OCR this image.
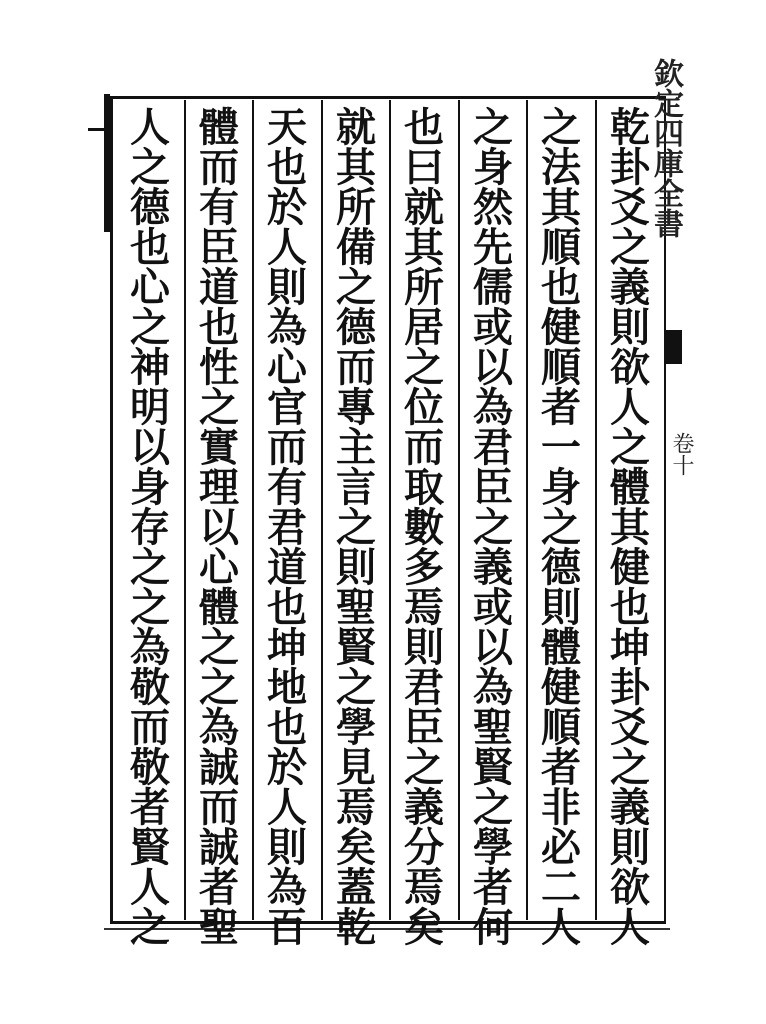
欽定四庫全書
卷十
乾
卦
爻
之
義
則
欲
人
之
體
其
健
也
坤
卦
爻
之
義
則
欲
人
之
法
其
順
也
健
順
者
一
身
之
德
則
體
健
順
者
非
必
二
人
之
身
然
先
儒
或
以
為
君
臣
之
義
或
以
為
聖
賢
之
學
者
何
也
曰
就
其
所
居
之
位
而
取
數
多
焉
則
君
臣
之
義
分
焉
矣
就
其
所
備
之
德
而
專
主
言
之
則
聖
賢
之
學
見
焉
矣
蓋
乾
天
也
於
人
則
為
心
官
而
有
君
道
也
坤
地
也
於
人
則
為
百
體
而
有
臣
道
也
性
之
實
理
以
心
體
之
之
為
誠
而
誠
者
聖
人
之
德
也
心
之
神
明
以
身
存
之
之
為
敬
而
敬
者
賢
人
之
